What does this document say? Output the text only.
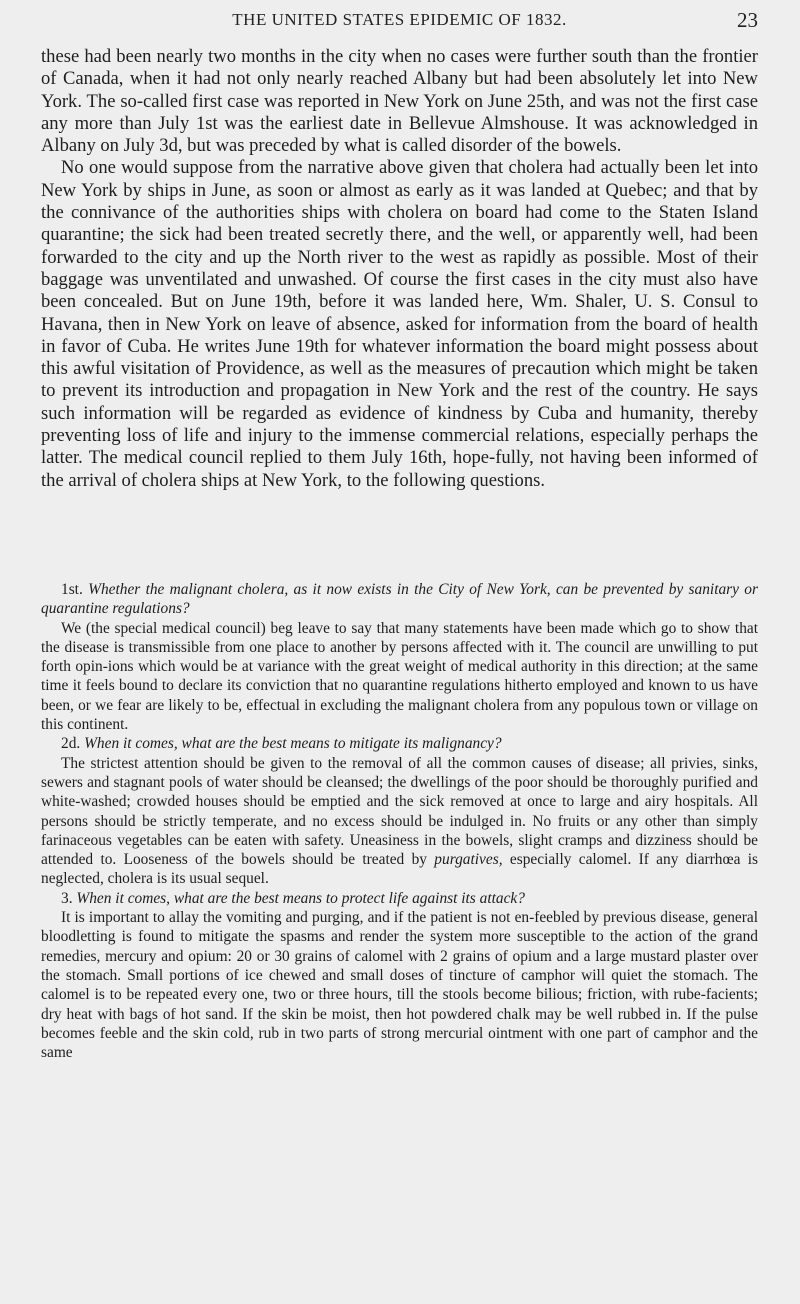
THE UNITED STATES EPIDEMIC OF 1832.	23

these had been nearly two months in the city when no cases were further south than the frontier of Canada, when it had not only nearly reached Albany but had been absolutely let into New York. The so-called first case was reported in New York on June 25th, and was not the first case any more than July 1st was the earliest date in Bellevue Almshouse. It was acknowledged in Albany on July 3d, but was preceded by what is called disorder of the bowels.

No one would suppose from the narrative above given that cholera had actually been let into New York by ships in June, as soon or almost as early as it was landed at Quebec; and that by the connivance of the authorities ships with cholera on board had come to the Staten Island quarantine; the sick had been treated secretly there, and the well, or apparently well, had been forwarded to the city and up the North river to the west as rapidly as possible. Most of their baggage was unventilated and unwashed. Of course the first cases in the city must also have been concealed. But on June 19th, before it was landed here, Wm. Shaler, U. S. Consul to Havana, then in New York on leave of absence, asked for information from the board of health in favor of Cuba. He writes June 19th for whatever information the board might possess about this awful visitation of Providence, as well as the measures of precaution which might be taken to prevent its introduction and propagation in New York and the rest of the country. He says such information will be regarded as evidence of kindness by Cuba and humanity, thereby preventing loss of life and injury to the immense commercial relations, especially perhaps the latter. The medical council replied to them July 16th, hope-fully, not having been informed of the arrival of cholera ships at New York, to the following questions.

1st. Whether the malignant cholera, as it now exists in the City of New York, can be prevented by sanitary or quarantine regulations?

We (the special medical council) beg leave to say that many statements have been made which go to show that the disease is transmissible from one place to another by persons affected with it. The council are unwilling to put forth opin-ions which would be at variance with the great weight of medical authority in this direction; at the same time it feels bound to declare its conviction that no quarantine regulations hitherto employed and known to us have been, or we fear are likely to be, effectual in excluding the malignant cholera from any populous town or village on this continent.

2d. When it comes, what are the best means to mitigate its malignancy?

The strictest attention should be given to the removal of all the common causes of disease; all privies, sinks, sewers and stagnant pools of water should be cleansed; the dwellings of the poor should be thoroughly purified and white-washed; crowded houses should be emptied and the sick removed at once to large and airy hospitals. All persons should be strictly temperate, and no excess should be indulged in. No fruits or any other than simply farinaceous vegetables can be eaten with safety. Uneasiness in the bowels, slight cramps and dizziness should be attended to. Looseness of the bowels should be treated by purgatives, especially calomel. If any diarrhœa is neglected, cholera is its usual sequel.

3. When it comes, what are the best means to protect life against its attack?

It is important to allay the vomiting and purging, and if the patient is not en-feebled by previous disease, general bloodletting is found to mitigate the spasms and render the system more susceptible to the action of the grand remedies, mercury and opium: 20 or 30 grains of calomel with 2 grains of opium and a large mustard plaster over the stomach. Small portions of ice chewed and small doses of tincture of camphor will quiet the stomach. The calomel is to be repeated every one, two or three hours, till the stools become bilious; friction, with rube-facients; dry heat with bags of hot sand. If the skin be moist, then hot powdered chalk may be well rubbed in. If the pulse becomes feeble and the skin cold, rub in two parts of strong mercurial ointment with one part of camphor and the same
